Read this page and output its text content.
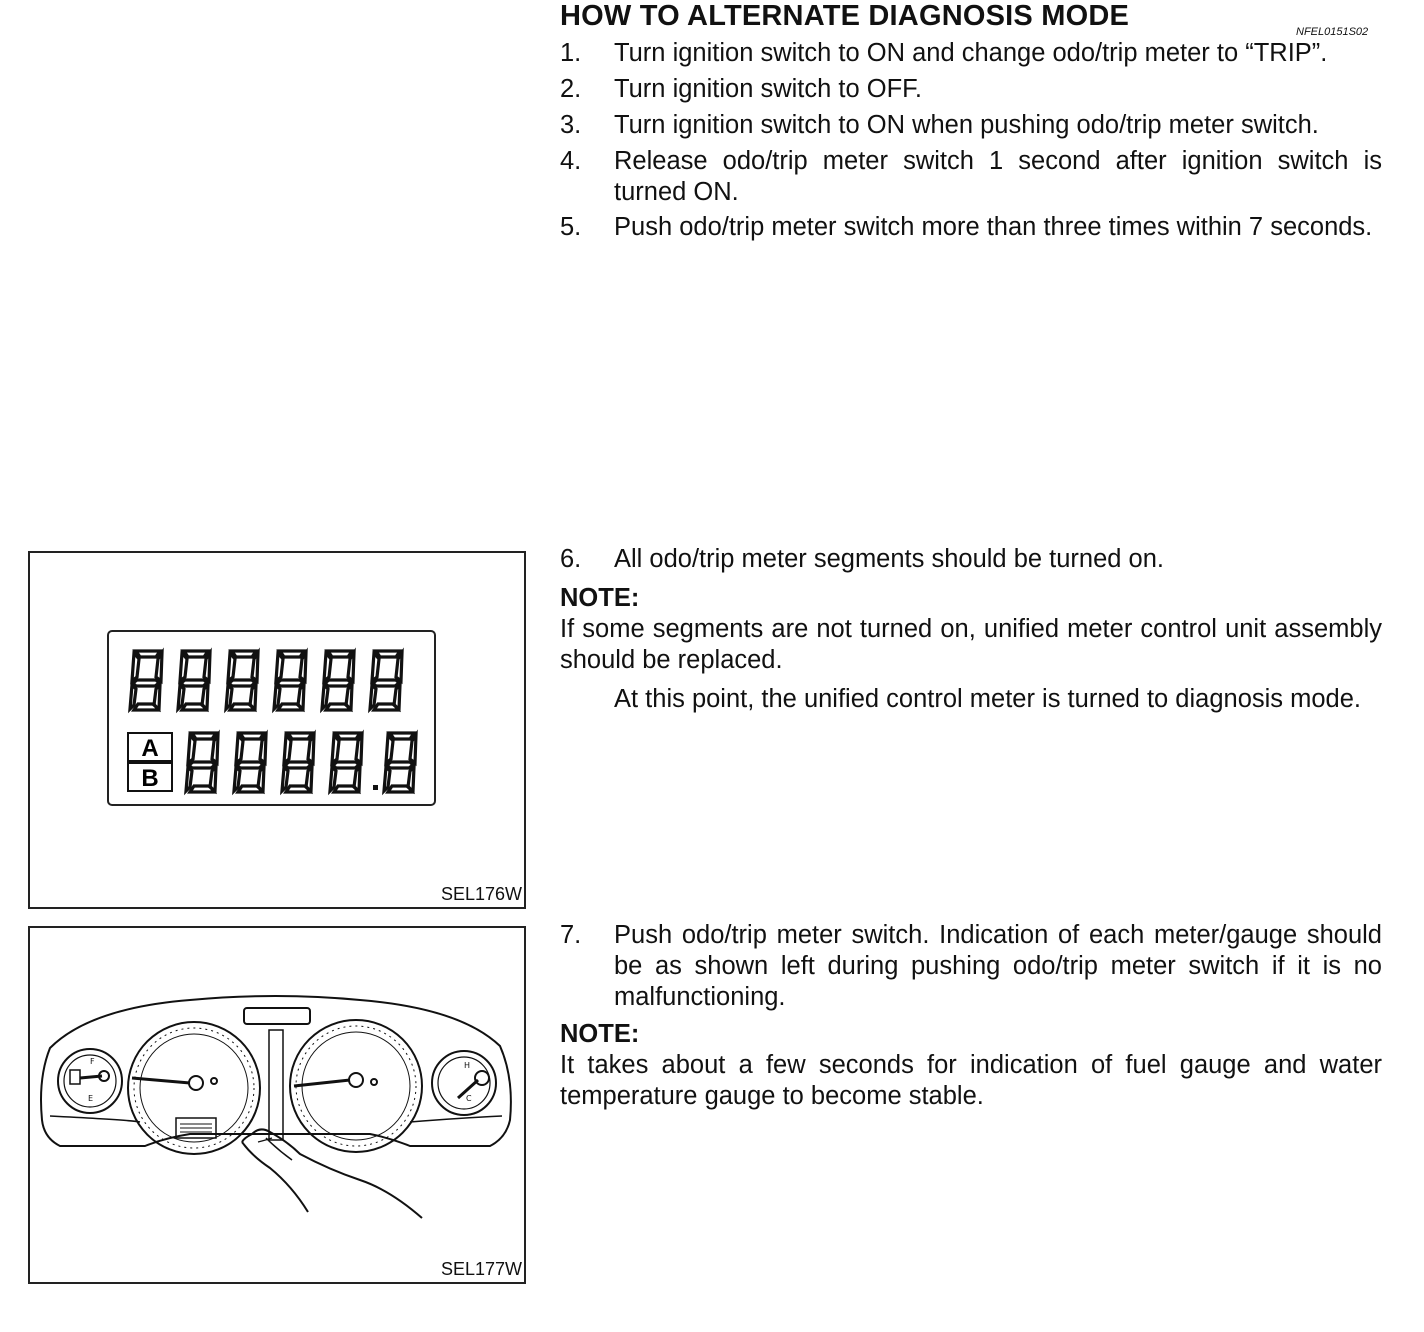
HOW TO ALTERNATE DIAGNOSIS MODE	NFEL0151S02
1.	Turn ignition switch to ON and change odo/trip meter to “TRIP”.
2.	Turn ignition switch to OFF.
3.	Turn ignition switch to ON when pushing odo/trip meter switch.
4.	Release odo/trip meter switch 1 second after ignition switch is turned ON.
5.	Push odo/trip meter switch more than three times within 7 seconds.
6.	All odo/trip meter segments should be turned on.
NOTE:
If some segments are not turned on, unified meter control unit assembly should be replaced.
At this point, the unified control meter is turned to diagnosis mode.
7.	Push odo/trip meter switch. Indication of each meter/gauge should be as shown left during pushing odo/trip meter switch if it is no malfunctioning.
NOTE:
It takes about a few seconds for indication of fuel gauge and water temperature gauge to become stable.
A
B
SEL176W
F
E
H
C
SEL177W
